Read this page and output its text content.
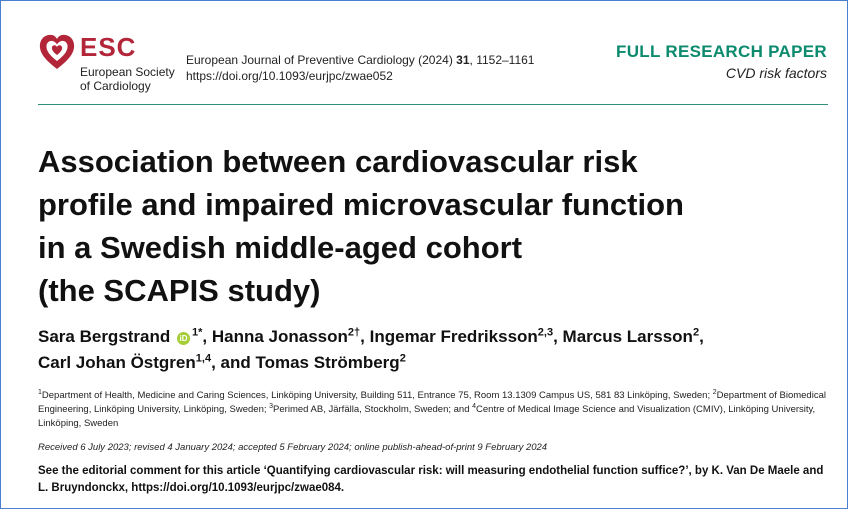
ESC
European Society
of Cardiology
European Journal of Preventive Cardiology (2024) 31, 1152–1161
https://doi.org/10.1093/eurjpc/zwae052
FULL RESEARCH PAPER
CVD risk factors
Association between cardiovascular risk
profile and impaired microvascular function
in a Swedish middle-aged cohort
(the SCAPIS study)
Sara Bergstrand $iD^{1*}$, Hanna Jonasson$^{2\dagger}$, Ingemar Fredriksson$^{2,3}$, Marcus Larsson$^2$,
Carl Johan Östgren$^{1,4}$, and Tomas Strömberg$^2$
$^1$Department of Health, Medicine and Caring Sciences, Linköping University, Building 511, Entrance 75, Room 13.1309 Campus US, 581 83 Linköping, Sweden; $^2$Department of Biomedical Engineering, Linköping University, Linköping, Sweden; $^3$Perimed AB, Järfälla, Stockholm, Sweden; and $^4$Centre of Medical Image Science and Visualization (CMIV), Linköping University, Linköping, Sweden
Received 6 July 2023; revised 4 January 2024; accepted 5 February 2024; online publish-ahead-of-print 9 February 2024
See the editorial comment for this article ‘Quantifying cardiovascular risk: will measuring endothelial function suffice?’, by K. Van De Maele and L. Bruyndonckx, https://doi.org/10.1093/eurjpc/zwae084.
